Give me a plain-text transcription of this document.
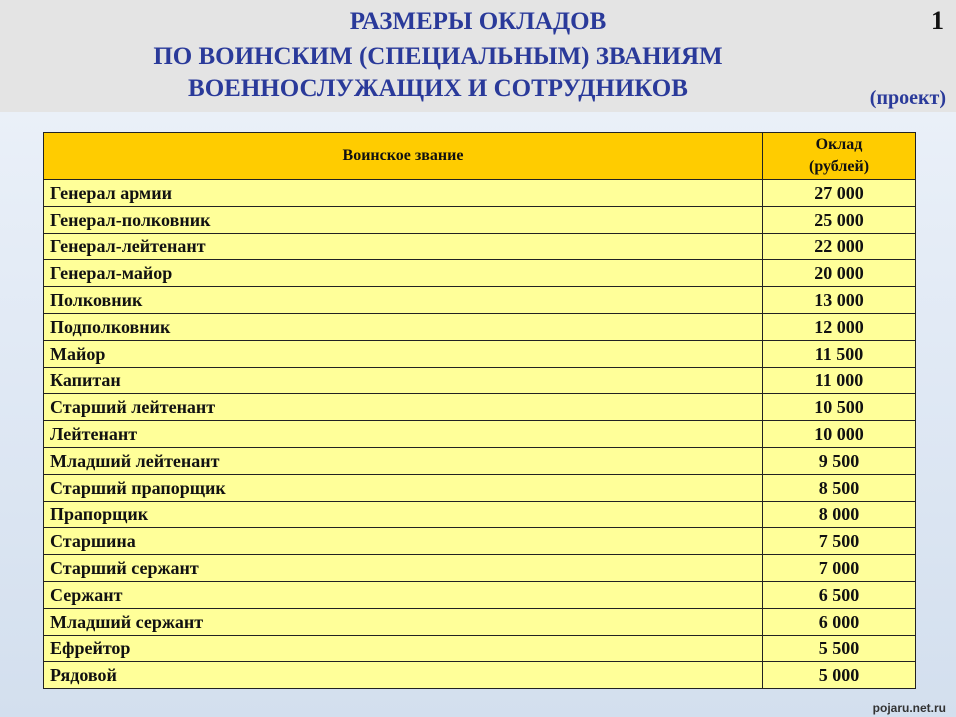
РАЗМЕРЫ ОКЛАДОВ
ПО ВОИНСКИМ (СПЕЦИАЛЬНЫМ) ЗВАНИЯМ
ВОЕННОСЛУЖАЩИХ И СОТРУДНИКОВ
1
(проект)
Воинское звание	Оклад (рублей)
Генерал армии	27 000
Генерал-полковник	25 000
Генерал-лейтенант	22 000
Генерал-майор	20 000
Полковник	13 000
Подполковник	12 000
Майор	11 500
Капитан	11 000
Старший лейтенант	10 500
Лейтенант	10 000
Младший лейтенант	9 500
Старший прапорщик	8 500
Прапорщик	8 000
Старшина	7 500
Старший сержант	7 000
Сержант	6 500
Младший сержант	6 000
Ефрейтор	5 500
Рядовой	5 000
pojaru.net.ru
